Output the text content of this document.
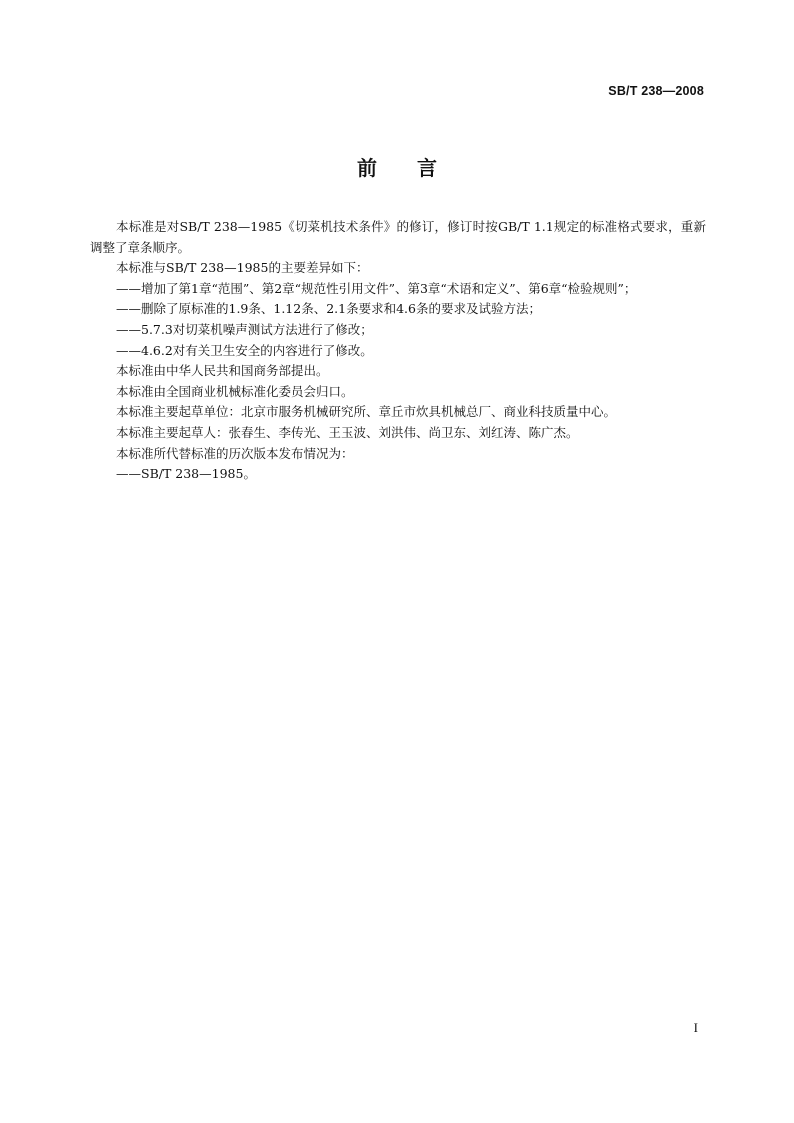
SB/T 238—2008
前 言

本标准是对SB/T 238—1985《切菜机技术条件》的修订，修订时按GB/T 1.1规定的标准格式要求，重新调整了章条顺序。

本标准与SB/T 238—1985的主要差异如下：

——增加了第1章“范围”、第2章“规范性引用文件”、第3章“术语和定义”、第6章“检验规则”；

——删除了原标准的1.9条、1.12条、2.1条要求和4.6条的要求及试验方法；

——5.7.3对切菜机噪声测试方法进行了修改；

——4.6.2对有关卫生安全的内容进行了修改。

本标准由中华人民共和国商务部提出。

本标准由全国商业机械标准化委员会归口。

本标准主要起草单位：北京市服务机械研究所、章丘市炊具机械总厂、商业科技质量中心。

本标准主要起草人：张春生、李传光、王玉波、刘洪伟、尚卫东、刘红涛、陈广杰。

本标准所代替标准的历次版本发布情况为：

——SB/T 238—1985。

I
